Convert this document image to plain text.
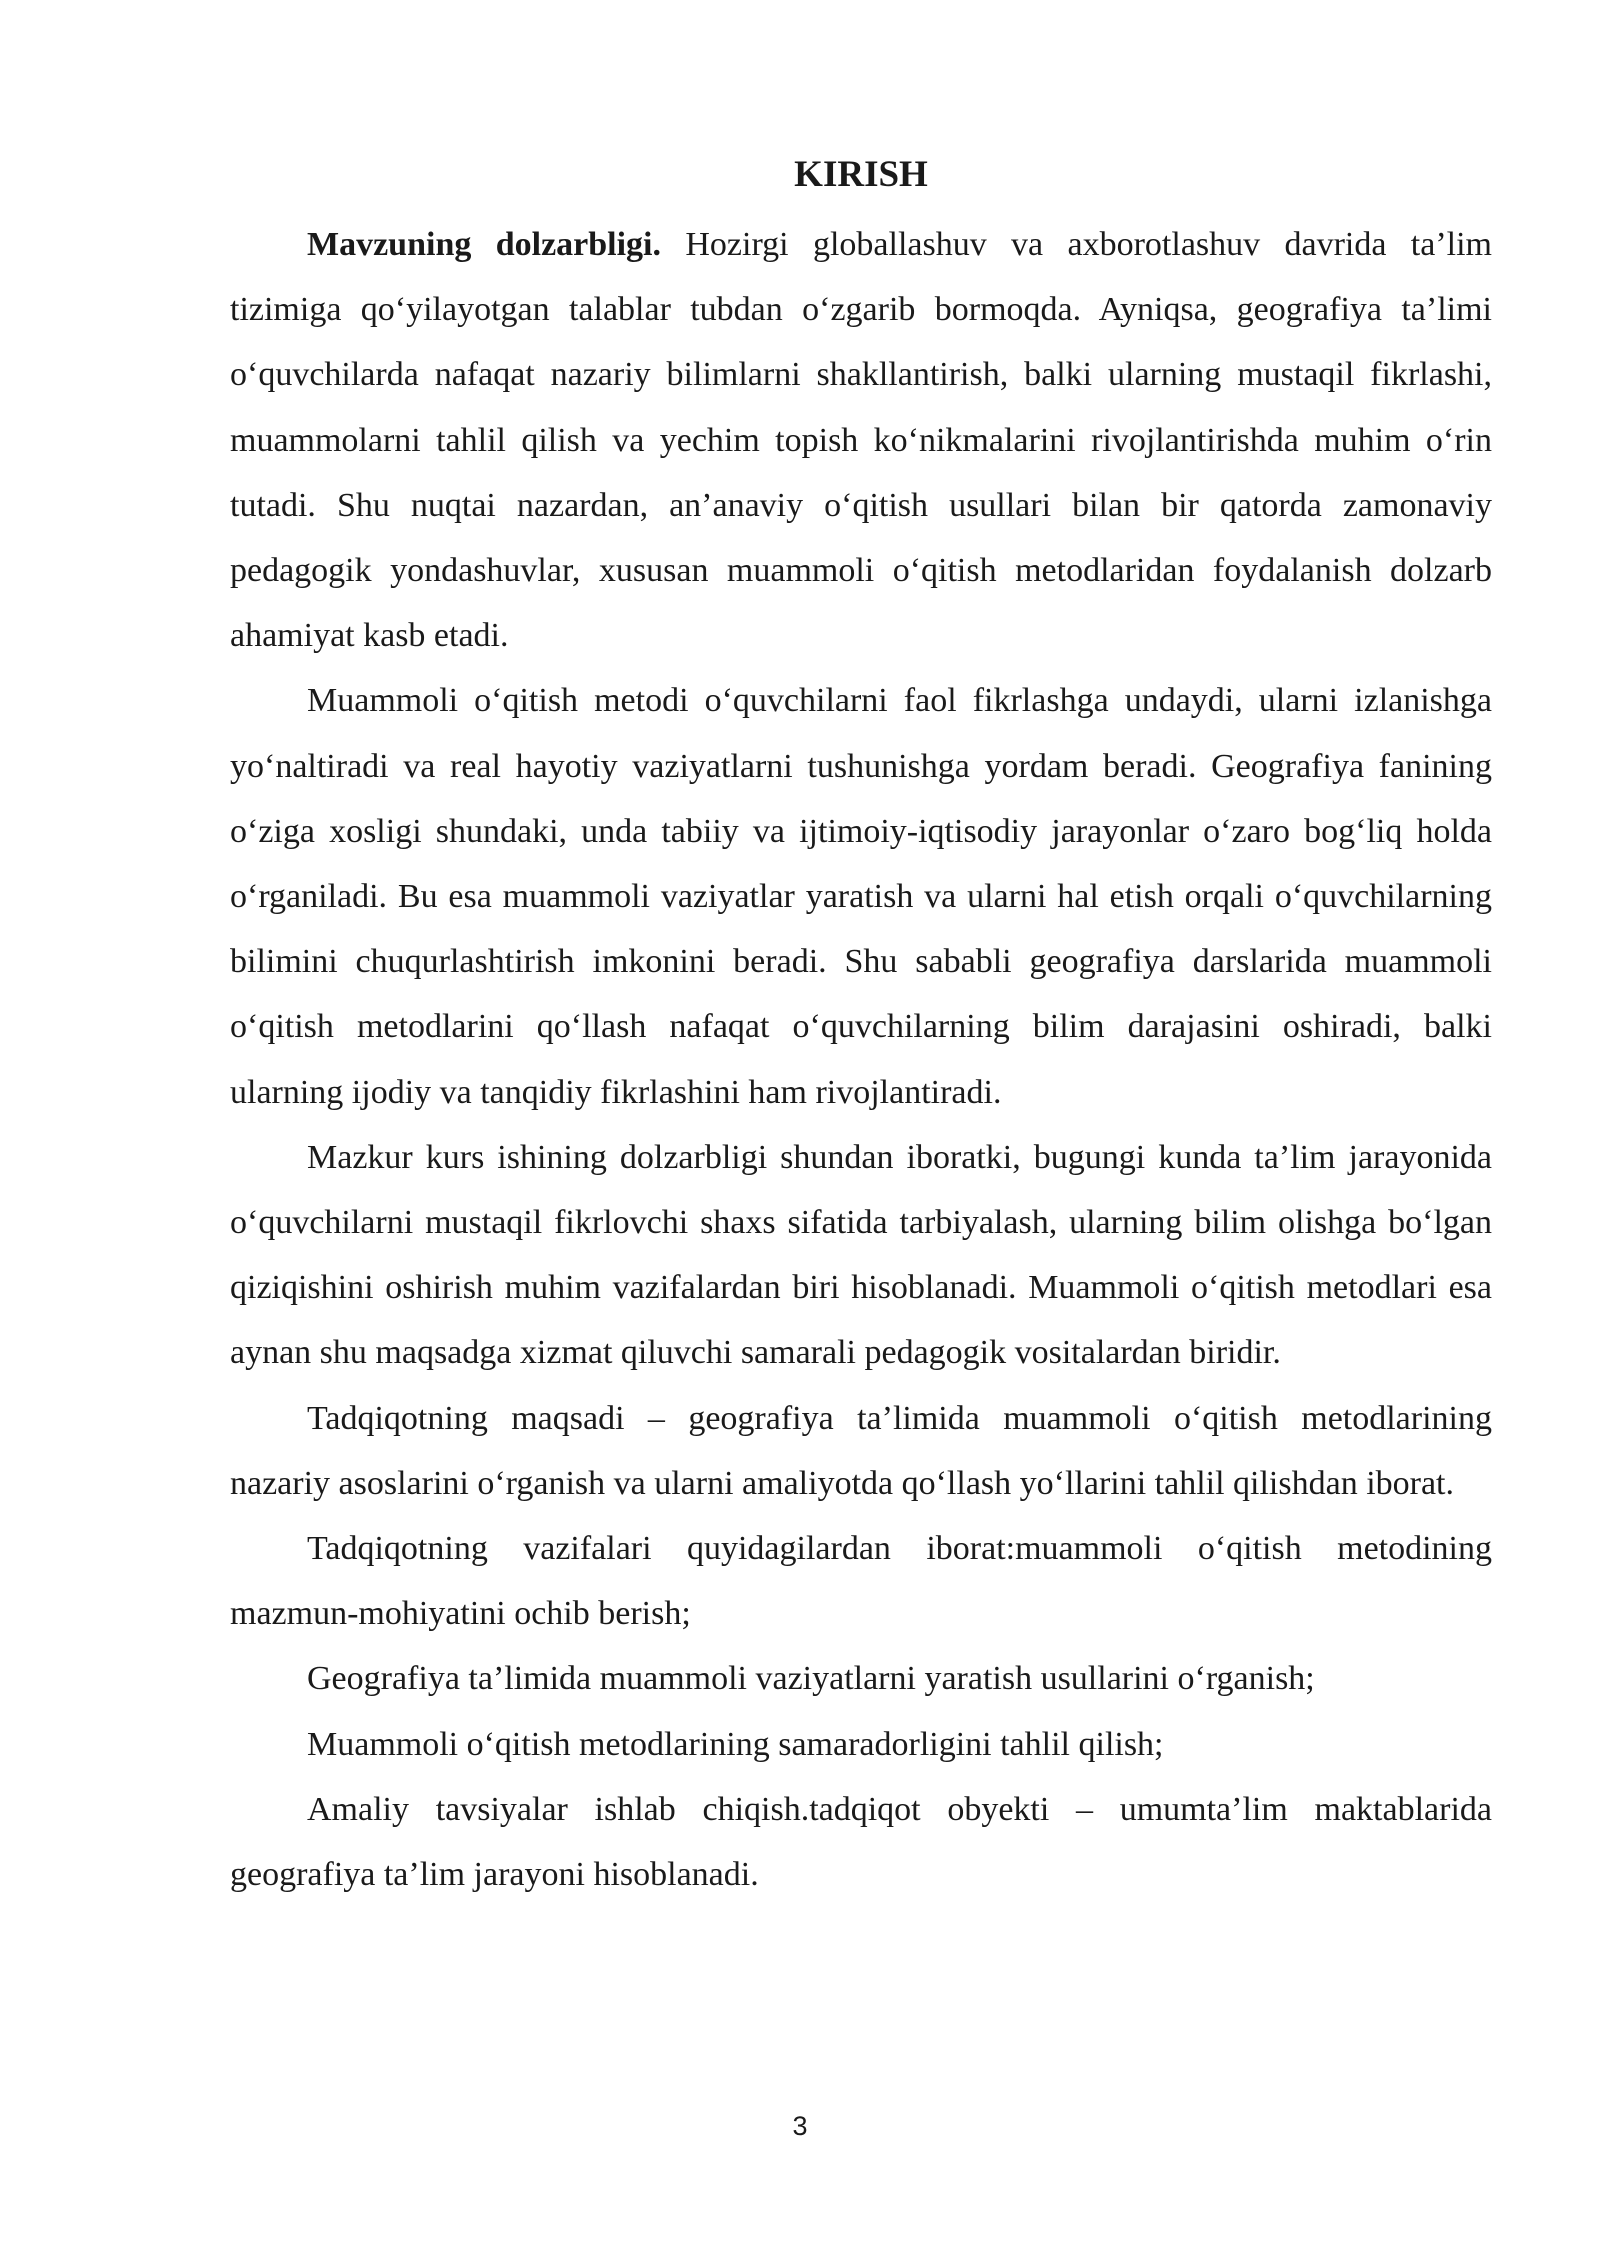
KIRISH

Mavzuning dolzarbligi. Hozirgi globallashuv va axborotlashuv davrida ta’lim tizimiga qo‘yilayotgan talablar tubdan o‘zgarib bormoqda. Ayniqsa, geografiya ta’limi o‘quvchilarda nafaqat nazariy bilimlarni shakllantirish, balki ularning mustaqil fikrlashi, muammolarni tahlil qilish va yechim topish ko‘nikmalarini rivojlantirishda muhim o‘rin tutadi. Shu nuqtai nazardan, an’anaviy o‘qitish usullari bilan bir qatorda zamonaviy pedagogik yondashuvlar, xususan muammoli o‘qitish metodlaridan foydalanish dolzarb ahamiyat kasb etadi.

Muammoli o‘qitish metodi o‘quvchilarni faol fikrlashga undaydi, ularni izlanishga yo‘naltiradi va real hayotiy vaziyatlarni tushunishga yordam beradi. Geografiya fanining o‘ziga xosligi shundaki, unda tabiiy va ijtimoiy-iqtisodiy jarayonlar o‘zaro bog‘liq holda o‘rganiladi. Bu esa muammoli vaziyatlar yaratish va ularni hal etish orqali o‘quvchilarning bilimini chuqurlashtirish imkonini beradi. Shu sababli geografiya darslarida muammoli o‘qitish metodlarini qo‘llash nafaqat o‘quvchilarning bilim darajasini oshiradi, balki ularning ijodiy va tanqidiy fikrlashini ham rivojlantiradi.

Mazkur kurs ishining dolzarbligi shundan iboratki, bugungi kunda ta’lim jarayonida o‘quvchilarni mustaqil fikrlovchi shaxs sifatida tarbiyalash, ularning bilim olishga bo‘lgan qiziqishini oshirish muhim vazifalardan biri hisoblanadi. Muammoli o‘qitish metodlari esa aynan shu maqsadga xizmat qiluvchi samarali pedagogik vositalardan biridir.

Tadqiqotning maqsadi – geografiya ta’limida muammoli o‘qitish metodlarining nazariy asoslarini o‘rganish va ularni amaliyotda qo‘llash yo‘llarini tahlil qilishdan iborat.

Tadqiqotning vazifalari quyidagilardan iborat:muammoli o‘qitish metodining mazmun-mohiyatini ochib berish;

Geografiya ta’limida muammoli vaziyatlarni yaratish usullarini o‘rganish;

Muammoli o‘qitish metodlarining samaradorligini tahlil qilish;

Amaliy tavsiyalar ishlab chiqish.tadqiqot obyekti – umumta’lim maktablarida geografiya ta’lim jarayoni hisoblanadi.

3
